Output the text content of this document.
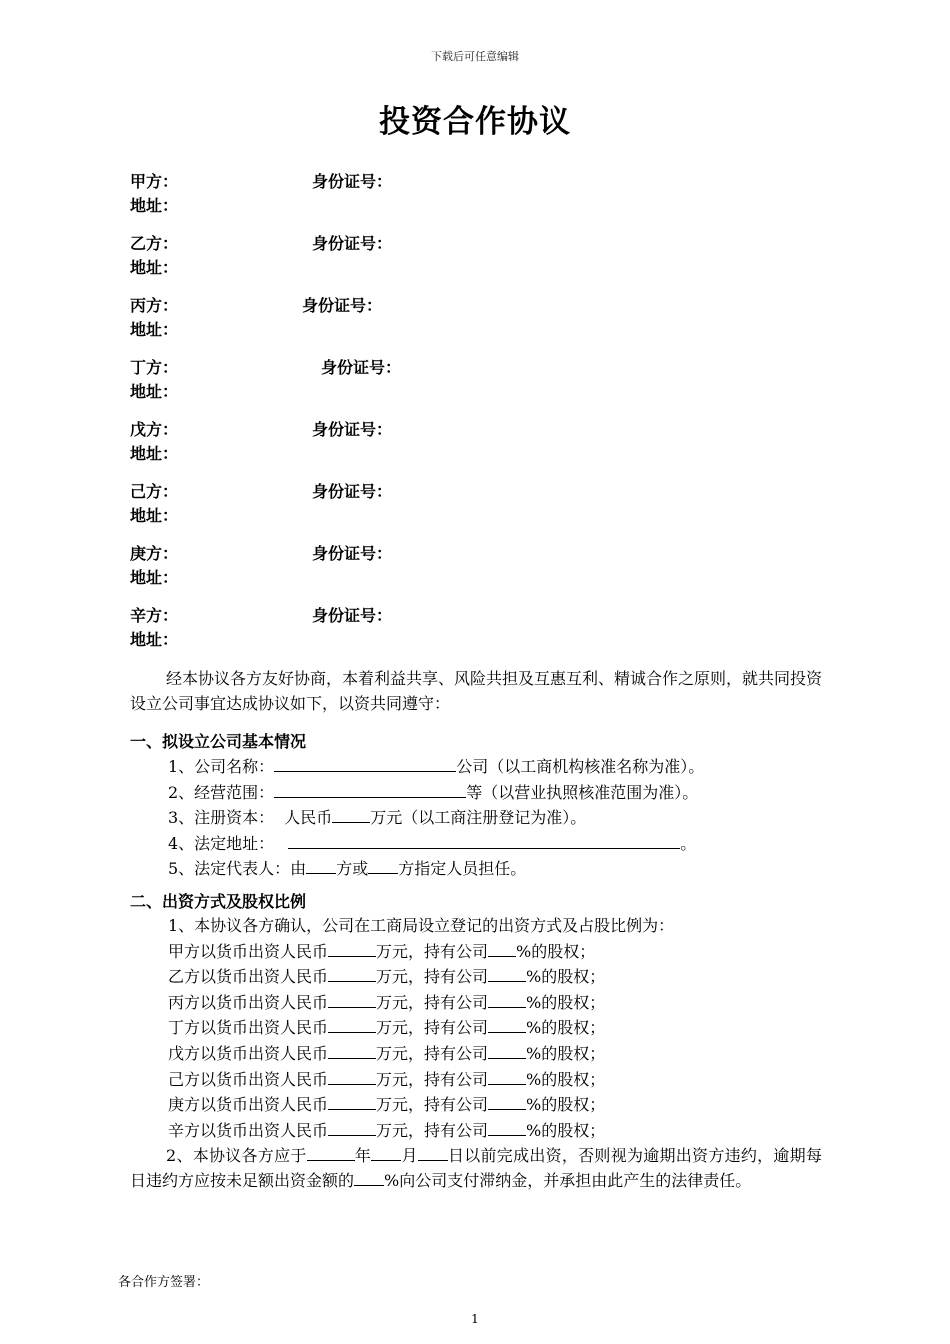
下载后可任意编辑
投资合作协议
甲方：	身份证号：
地址：
乙方：	身份证号：
地址：
丙方：	身份证号：
地址：
丁方：	身份证号：
地址：
戊方：	身份证号：
地址：
己方：	身份证号：
地址：
庚方：	身份证号：
地址：
辛方：	身份证号：
地址：

经本协议各方友好协商，本着利益共享、风险共担及互惠互利、精诚合作之原则，就共同投资设立公司事宜达成协议如下，以资共同遵守：

一、拟设立公司基本情况
1、公司名称：	公司（以工商机构核准名称为准）。
2、经营范围：	等（以营业执照核准范围为准）。
3、注册资本： 人民币 万元（以工商注册登记为准）。
4、法定地址：	。
5、法定代表人：由 方或 方指定人员担任。
二、出资方式及股权比例
1、本协议各方确认，公司在工商局设立登记的出资方式及占股比例为：
甲方以货币出资人民币	万元，持有公司 %的股权；
乙方以货币出资人民币	万元，持有公司 %的股权；
丙方以货币出资人民币	万元，持有公司 %的股权；
丁方以货币出资人民币	万元，持有公司 %的股权；
戊方以货币出资人民币	万元，持有公司 %的股权；
己方以货币出资人民币	万元，持有公司 %的股权；
庚方以货币出资人民币	万元，持有公司 %的股权；
辛方以货币出资人民币	万元，持有公司 %的股权；

2、本协议各方应于	年 月 日以前完成出资，否则视为逾期出资方违约，逾期每日违约方应按未足额出资金额的 %向公司支付滞纳金，并承担由此产生的法律责任。

各合作方签署：
1
